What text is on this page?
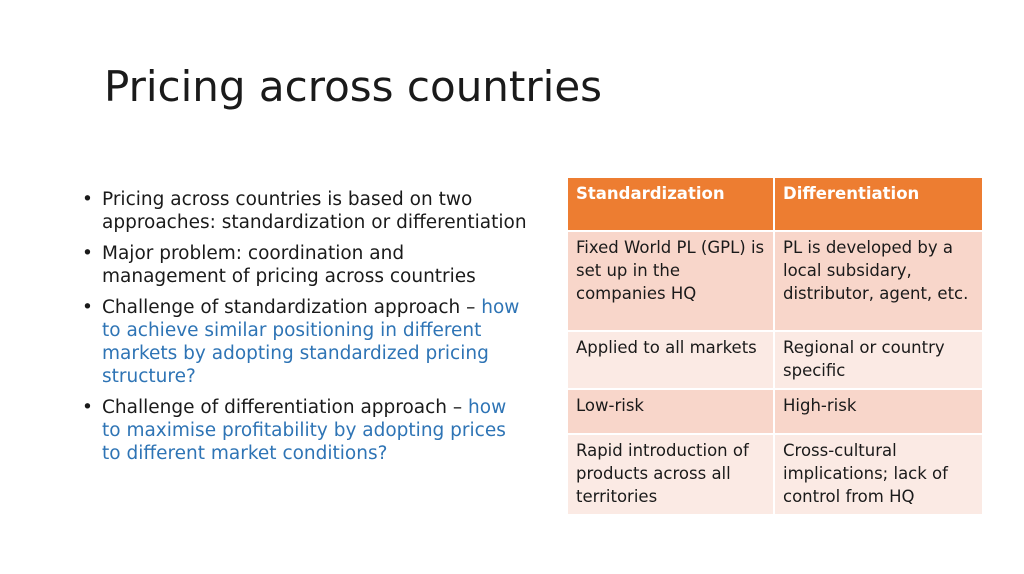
Pricing across countries
• Pricing across countries is based on two approaches: standardization or differentiation
• Major problem: coordination and management of pricing across countries
• Challenge of standardization approach – how to achieve similar positioning in different markets by adopting standardized pricing structure?
• Challenge of differentiation approach – how to maximise profitability by adopting prices to different market conditions?
Standardization	Differentiation
Fixed World PL (GPL) is set up in the companies HQ	PL is developed by a local subsidary, distributor, agent, etc.
Applied to all markets	Regional or country specific
Low-risk	High-risk
Rapid introduction of products across all territories	Cross-cultural implications; lack of control from HQ
